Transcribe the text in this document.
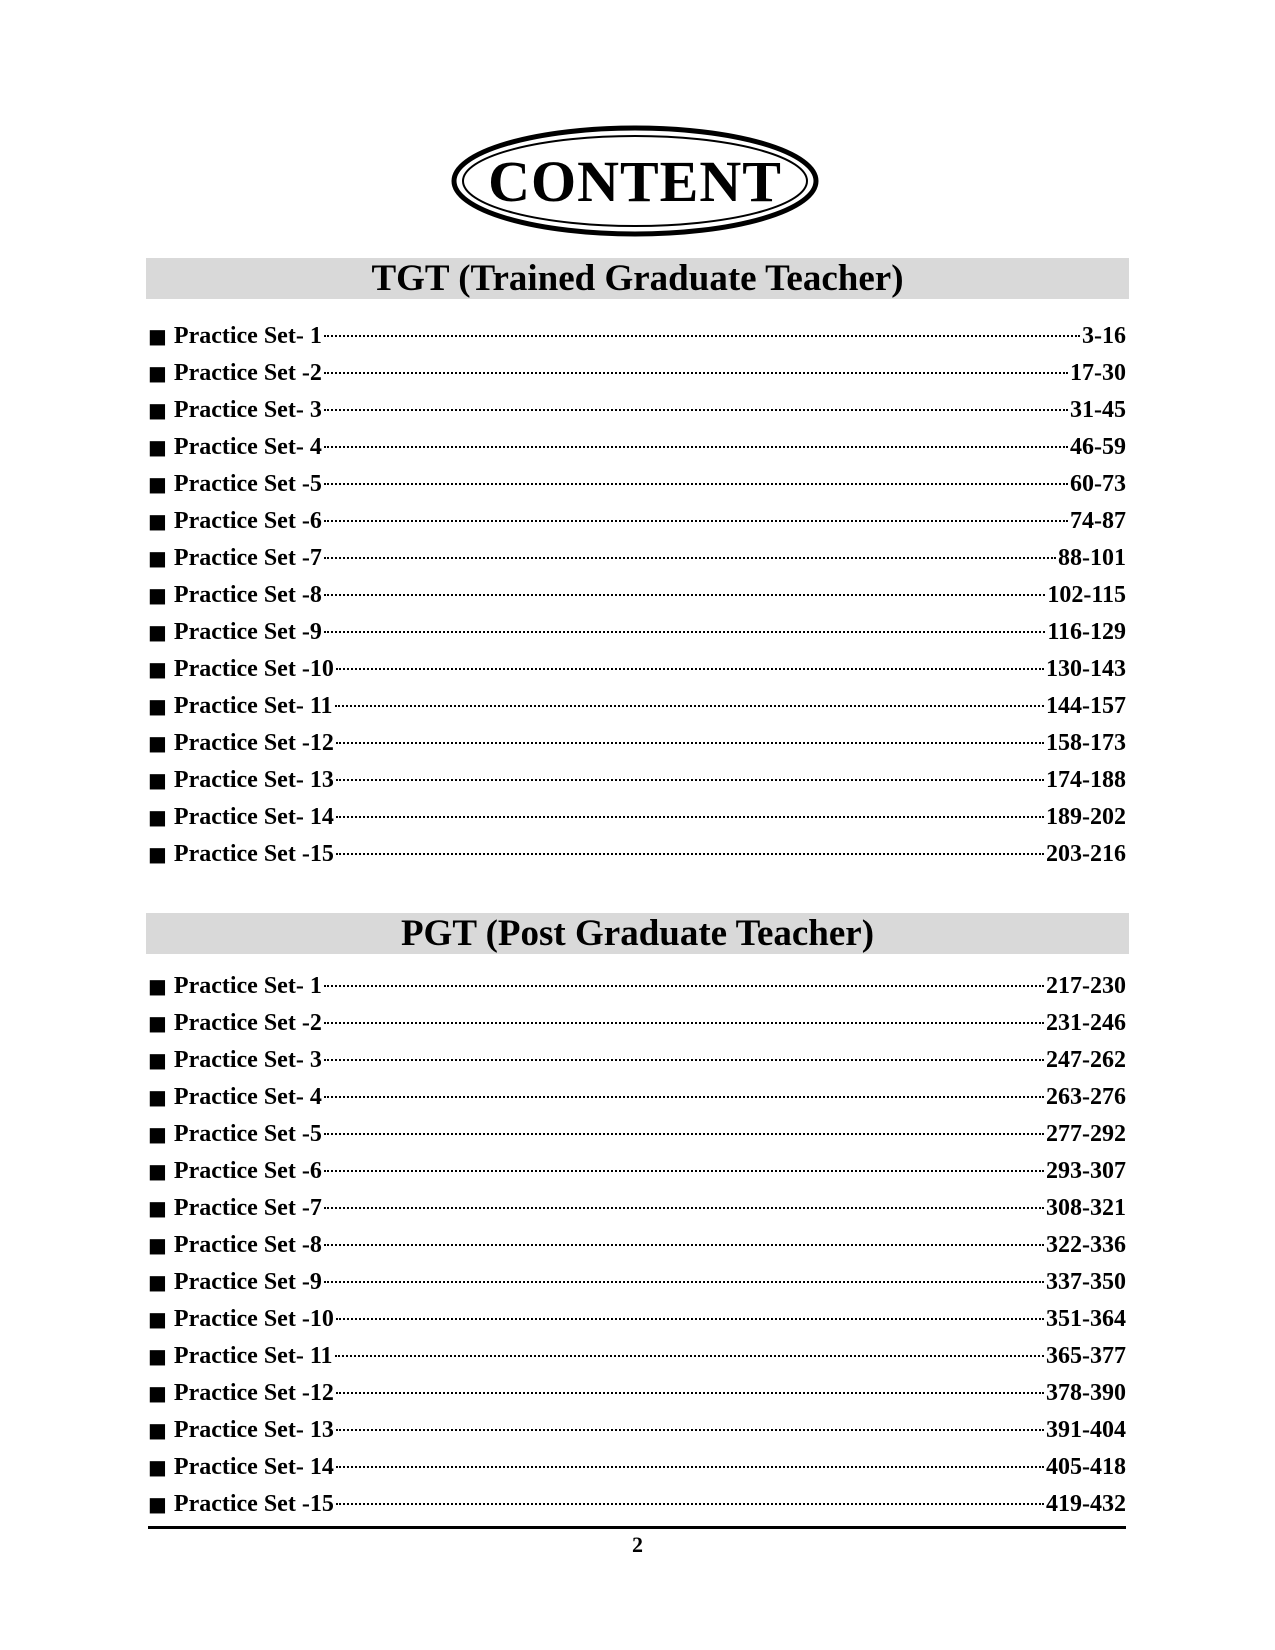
CONTENT
TGT (Trained Graduate Teacher)
■ Practice Set- 1	3-16
■ Practice Set -2	17-30
■ Practice Set- 3	31-45
■ Practice Set- 4	46-59
■ Practice Set -5	60-73
■ Practice Set -6	74-87
■ Practice Set -7	88-101
■ Practice Set -8	102-115
■ Practice Set -9	116-129
■ Practice Set -10	130-143
■ Practice Set- 11	144-157
■ Practice Set -12	158-173
■ Practice Set- 13	174-188
■ Practice Set- 14	189-202
■ Practice Set -15	203-216
PGT (Post Graduate Teacher)
■ Practice Set- 1	217-230
■ Practice Set -2	231-246
■ Practice Set- 3	247-262
■ Practice Set- 4	263-276
■ Practice Set -5	277-292
■ Practice Set -6	293-307
■ Practice Set -7	308-321
■ Practice Set -8	322-336
■ Practice Set -9	337-350
■ Practice Set -10	351-364
■ Practice Set- 11	365-377
■ Practice Set -12	378-390
■ Practice Set- 13	391-404
■ Practice Set- 14	405-418
■ Practice Set -15	419-432
2
